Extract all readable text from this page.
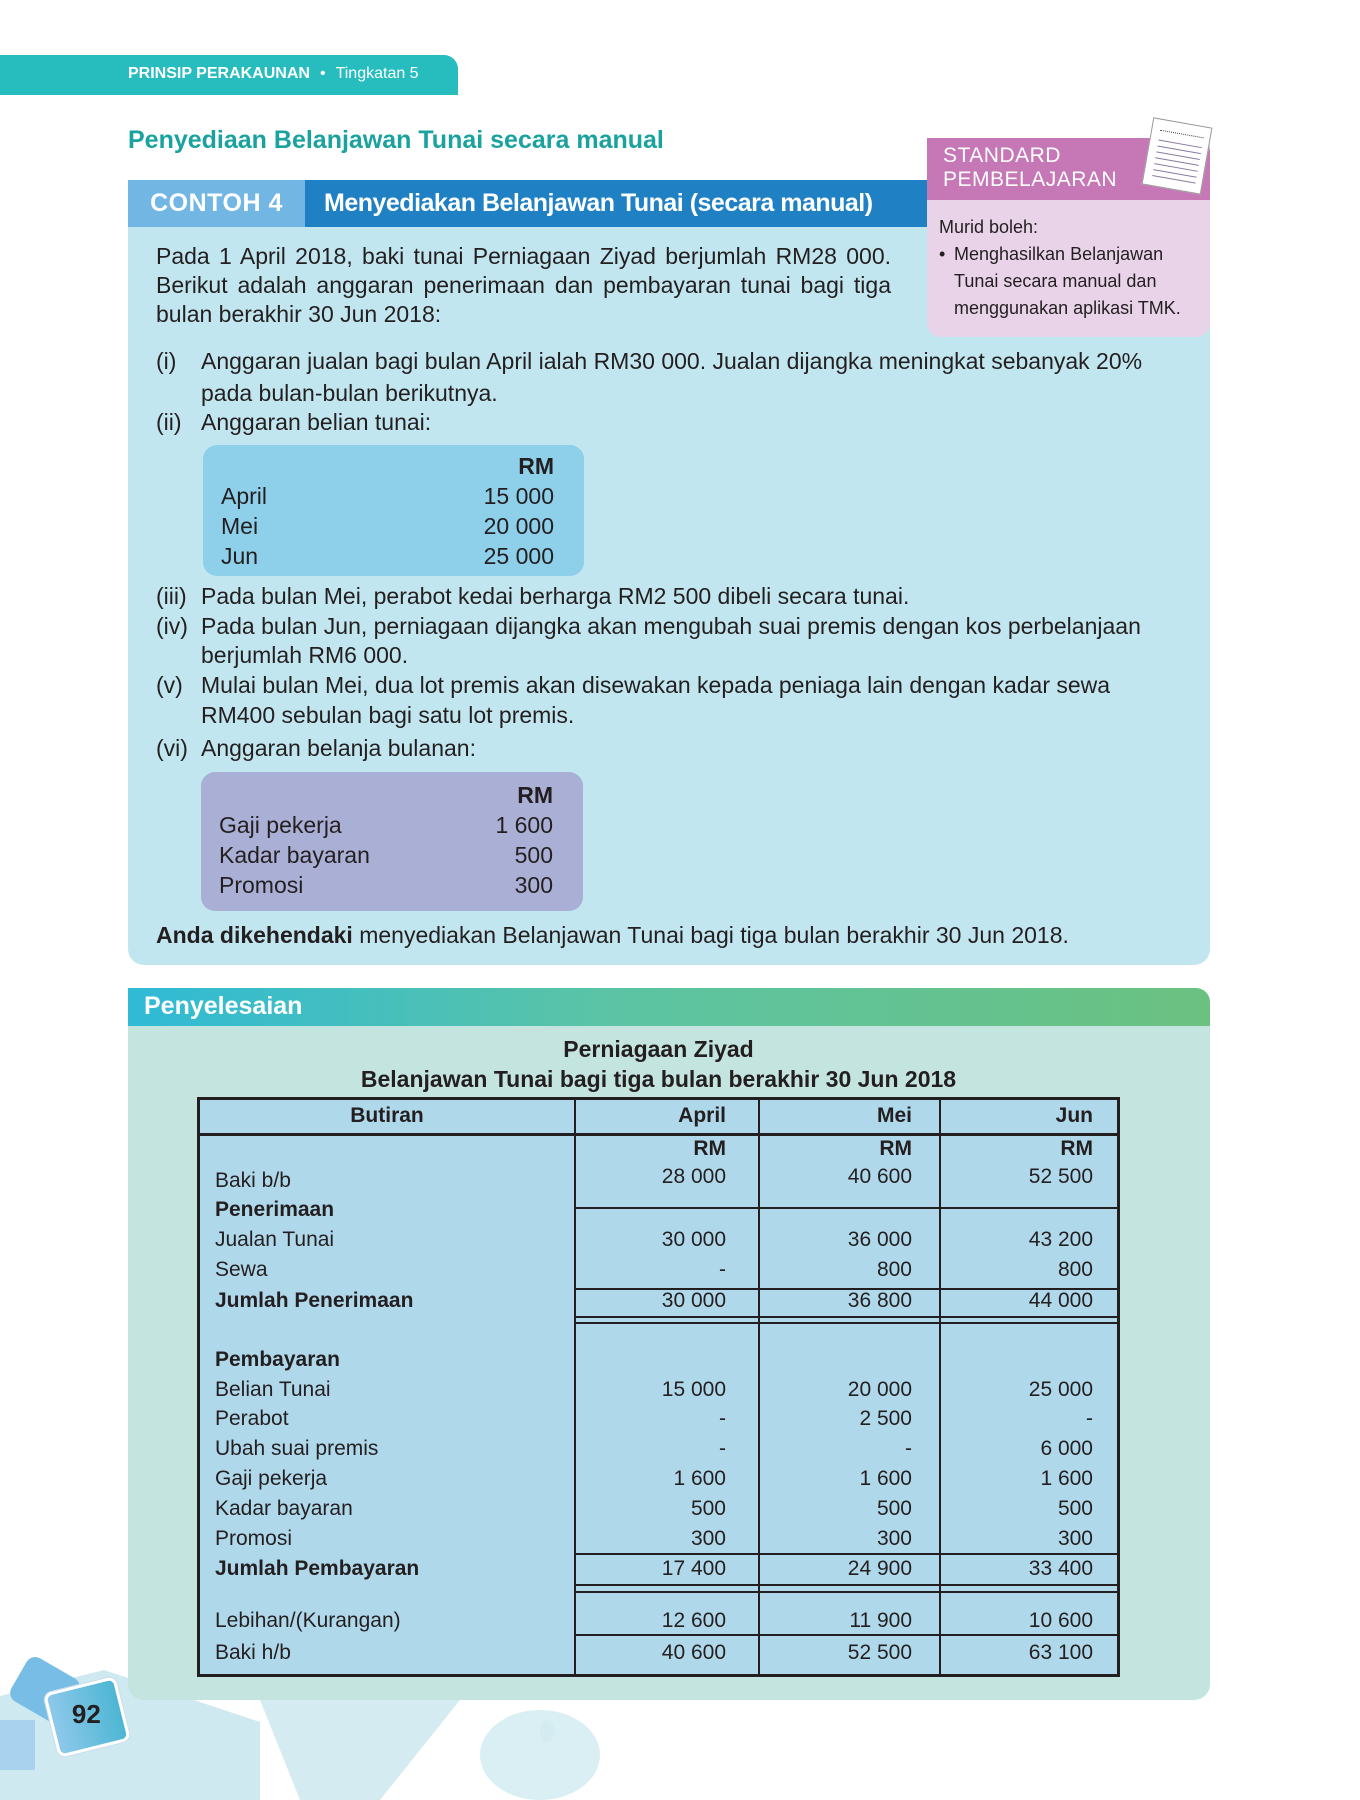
PRINSIP PERAKAUNAN • Tingkatan 5
Penyediaan Belanjawan Tunai secara manual
CONTOH 4	Menyediakan Belanjawan Tunai (secara manual)
Pada 1 April 2018, baki tunai Perniagaan Ziyad berjumlah RM28 000. Berikut adalah anggaran penerimaan dan pembayaran tunai bagi tiga bulan berakhir 30 Jun 2018:
(i) Anggaran jualan bagi bulan April ialah RM30 000. Jualan dijangka meningkat sebanyak 20%
pada bulan-bulan berikutnya.
(ii) Anggaran belian tunai:
RM
April	15 000
Mei	20 000
Jun	25 000
(iii) Pada bulan Mei, perabot kedai berharga RM2 500 dibeli secara tunai.
(iv) Pada bulan Jun, perniagaan dijangka akan mengubah suai premis dengan kos perbelanjaan
berjumlah RM6 000.
(v) Mulai bulan Mei, dua lot premis akan disewakan kepada peniaga lain dengan kadar sewa
RM400 sebulan bagi satu lot premis.
(vi) Anggaran belanja bulanan:
RM
Gaji pekerja	1 600
Kadar bayaran	500
Promosi	300
Anda dikehendaki menyediakan Belanjawan Tunai bagi tiga bulan berakhir 30 Jun 2018.
STANDARD
PEMBELAJARAN
Murid boleh:
• Menghasilkan Belanjawan
Tunai secara manual dan
menggunakan aplikasi TMK.
Penyelesaian
Perniagaan Ziyad
Belanjawan Tunai bagi tiga bulan berakhir 30 Jun 2018
Butiran	April	Mei	Jun
RM	RM	RM
Baki b/b	28 000	40 600	52 500
Penerimaan
Jualan Tunai	30 000	36 000	43 200
Sewa	-	800	800
Jumlah Penerimaan	30 000	36 800	44 000
Pembayaran
Belian Tunai	15 000	20 000	25 000
Perabot	-	2 500	-
Ubah suai premis	-	-	6 000
Gaji pekerja	1 600	1 600	1 600
Kadar bayaran	500	500	500
Promosi	300	300	300
Jumlah Pembayaran	17 400	24 900	33 400
Lebihan/(Kurangan)	12 600	11 900	10 600
Baki h/b	40 600	52 500	63 100
92
